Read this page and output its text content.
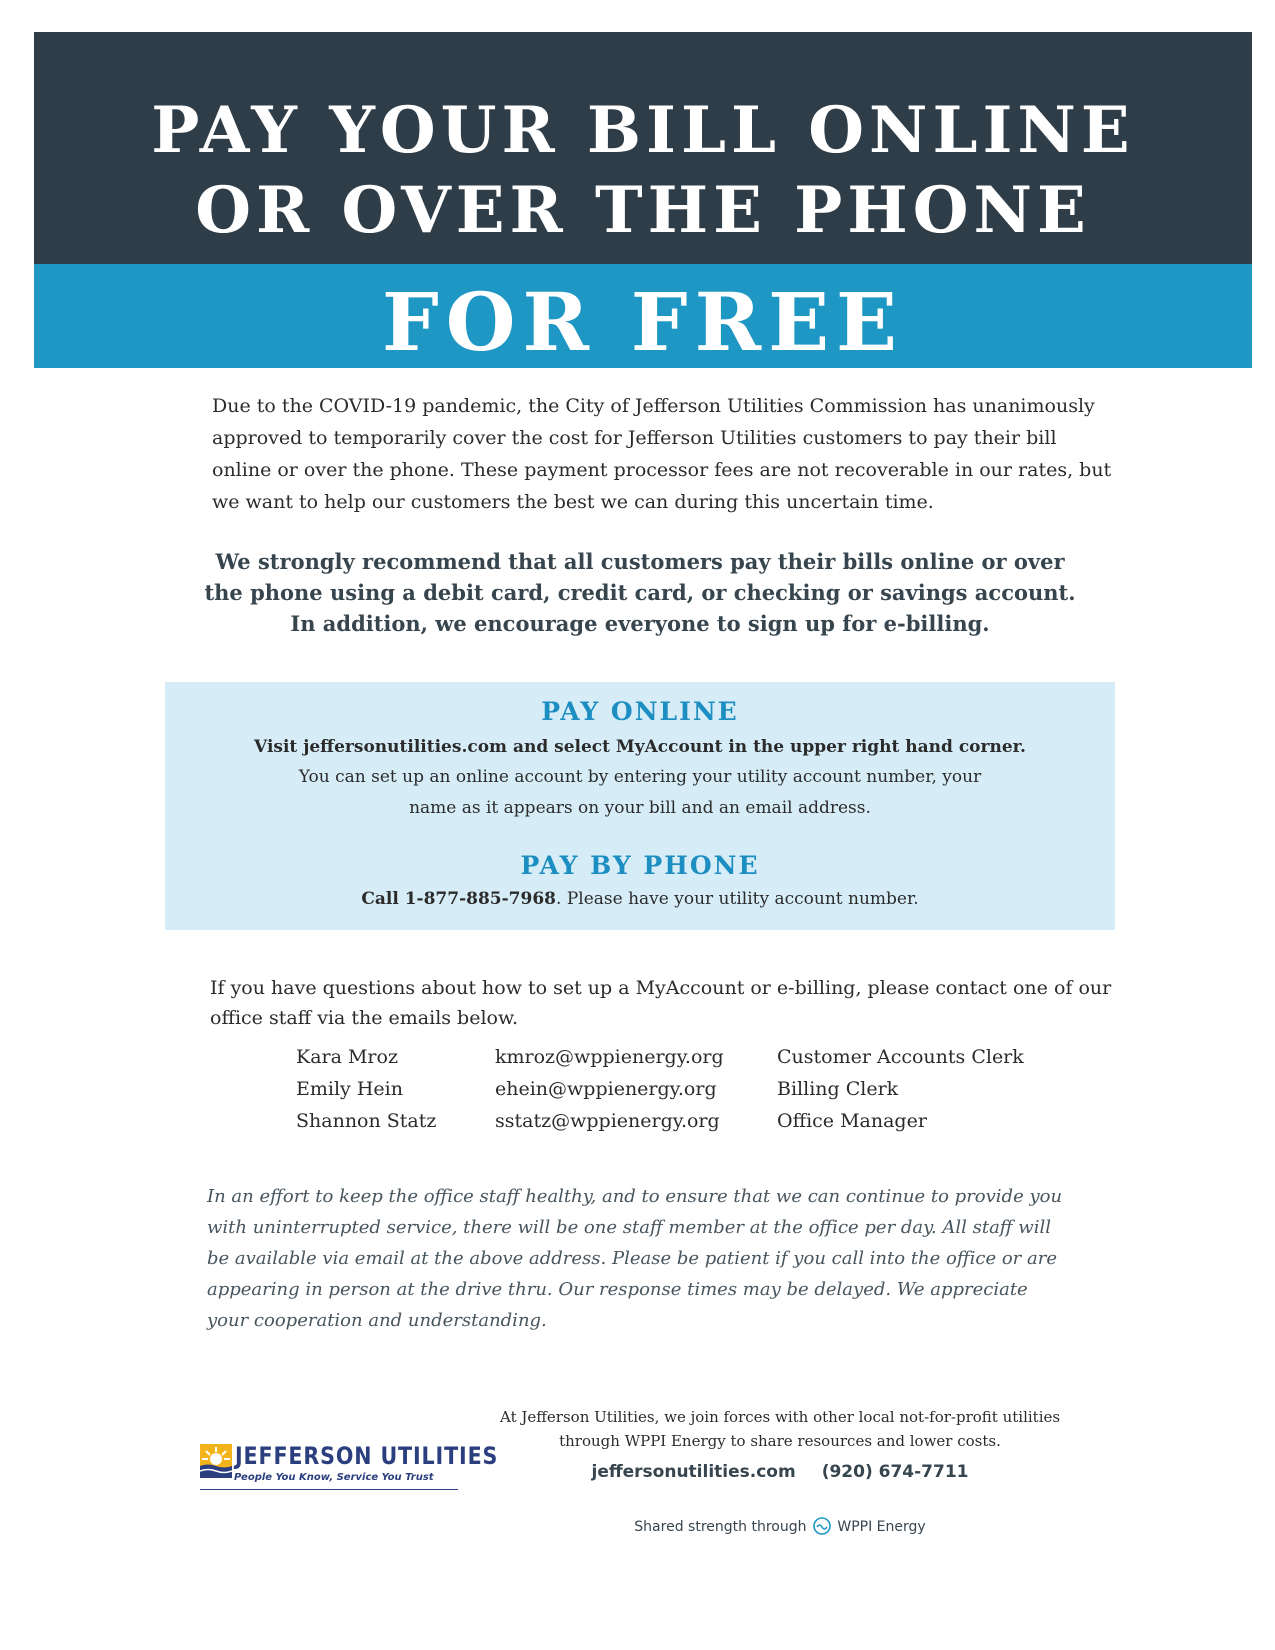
PAY YOUR BILL ONLINE
OR OVER THE PHONE
FOR FREE

Due to the COVID-19 pandemic, the City of Jefferson Utilities Commission has unanimously
approved to temporarily cover the cost for Jefferson Utilities customers to pay their bill
online or over the phone. These payment processor fees are not recoverable in our rates, but
we want to help our customers the best we can during this uncertain time.

We strongly recommend that all customers pay their bills online or over
the phone using a debit card, credit card, or checking or savings account.
In addition, we encourage everyone to sign up for e-billing.

PAY ONLINE

Visit jeffersonutilities.com and select MyAccount in the upper right hand corner.

You can set up an online account by entering your utility account number, your

name as it appears on your bill and an email address.

PAY BY PHONE

Call 1-877-885-7968. Please have your utility account number.

If you have questions about how to set up a MyAccount or e-billing, please contact one of our
office staff via the emails below.

Kara Mroz	kmroz@wppienergy.org	Customer Accounts Clerk
Emily Hein	ehein@wppienergy.org	Billing Clerk
Shannon Statz	sstatz@wppienergy.org	Office Manager

In an effort to keep the office staff healthy, and to ensure that we can continue to provide you
with uninterrupted service, there will be one staff member at the office per day. All staff will
be available via email at the above address. Please be patient if you call into the office or are
appearing in person at the drive thru. Our response times may be delayed. We appreciate
your cooperation and understanding.

JEFFERSON UTILITIES
People You Know, Service You Trust

At Jefferson Utilities, we join forces with other local not-for-profit utilities
through WPPI Energy to share resources and lower costs.

jeffersonutilities.com (920) 674-7711
Shared strength through WPPI Energy
